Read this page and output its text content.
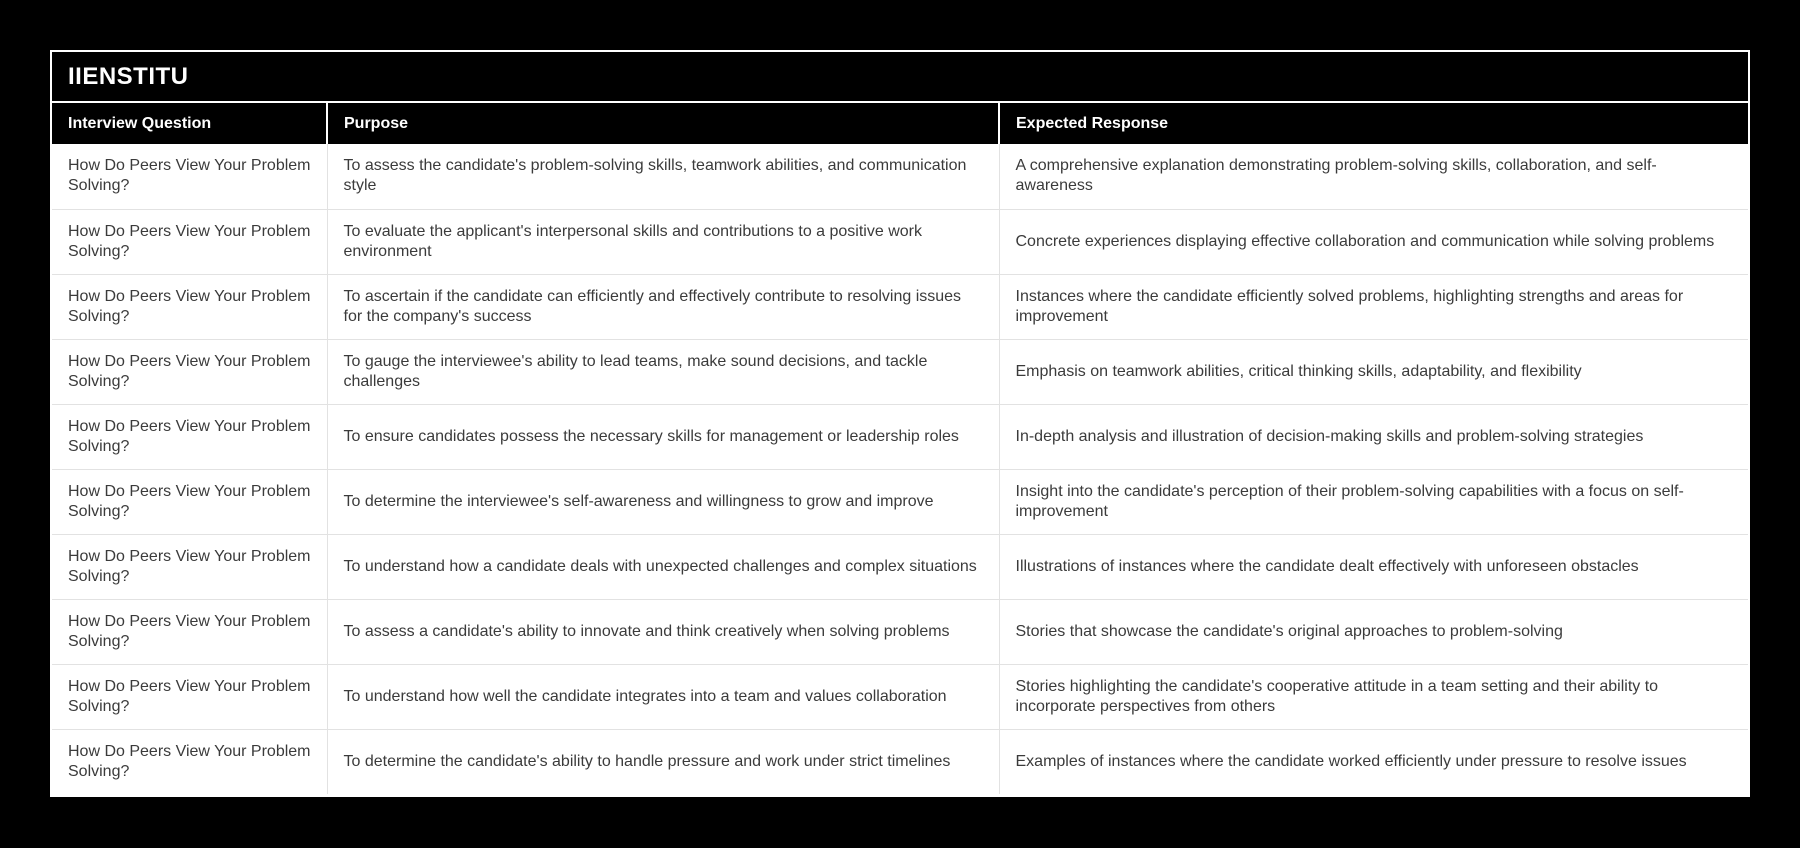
IIENSTITU
Interview Question	Purpose	Expected Response
How Do Peers View Your Problem Solving?	To assess the candidate's problem-solving skills, teamwork abilities, and communication style	A comprehensive explanation demonstrating problem-solving skills, collaboration, and self-awareness
How Do Peers View Your Problem Solving?	To evaluate the applicant's interpersonal skills and contributions to a positive work environment	Concrete experiences displaying effective collaboration and communication while solving problems
How Do Peers View Your Problem Solving?	To ascertain if the candidate can efficiently and effectively contribute to resolving issues for the company's success	Instances where the candidate efficiently solved problems, highlighting strengths and areas for improvement
How Do Peers View Your Problem Solving?	To gauge the interviewee's ability to lead teams, make sound decisions, and tackle challenges	Emphasis on teamwork abilities, critical thinking skills, adaptability, and flexibility
How Do Peers View Your Problem Solving?	To ensure candidates possess the necessary skills for management or leadership roles	In-depth analysis and illustration of decision-making skills and problem-solving strategies
How Do Peers View Your Problem Solving?	To determine the interviewee's self-awareness and willingness to grow and improve	Insight into the candidate's perception of their problem-solving capabilities with a focus on self-improvement
How Do Peers View Your Problem Solving?	To understand how a candidate deals with unexpected challenges and complex situations	Illustrations of instances where the candidate dealt effectively with unforeseen obstacles
How Do Peers View Your Problem Solving?	To assess a candidate's ability to innovate and think creatively when solving problems	Stories that showcase the candidate's original approaches to problem-solving
How Do Peers View Your Problem Solving?	To understand how well the candidate integrates into a team and values collaboration	Stories highlighting the candidate's cooperative attitude in a team setting and their ability to incorporate perspectives from others
How Do Peers View Your Problem Solving?	To determine the candidate's ability to handle pressure and work under strict timelines	Examples of instances where the candidate worked efficiently under pressure to resolve issues
